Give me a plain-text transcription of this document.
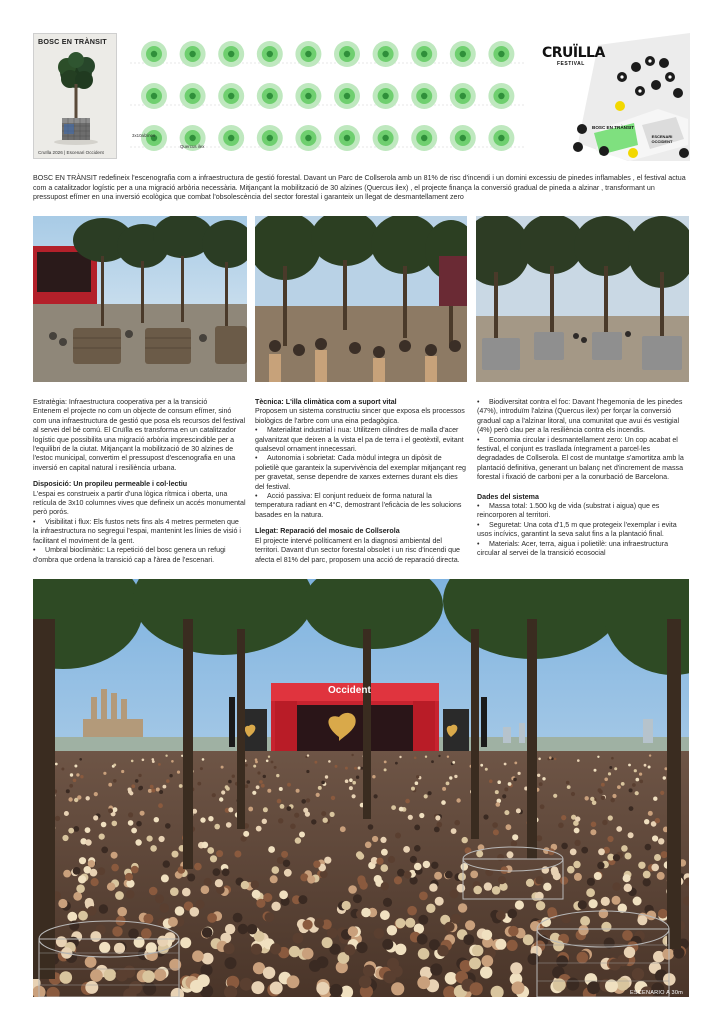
BOSC EN TRÀNSIT
Cruïlla 2026 | Escenari Occident
3x10alzines
Quercus ilex
CRUÏLLA
FESTIVAL
BOSC EN TRÀNSIT
ESCENARI
OCCIDENT
BOSC EN TRÀNSIT redefineix l'escenografia com a infraestructura de gestió forestal. Davant un Parc de Collserola amb un 81% de risc d'incendi i un domini excessiu de pinedes inflamables , el festival actua com a catalitzador logístic per a una migració arbòria necessària. Mitjançant la mobilització de 30 alzines (Quercus ilex) , el projecte finança la conversió gradual de pineda a alzinar , transformant un pressupost efímer en una inversió ecològica que combat l'obsolescència del sector forestal i garanteix un llegat de desmantellament zero

Estratègia: Infraestructura cooperativa per a la transició

Entenem el projecte no com un objecte de consum efímer, sinó com una infraestructura de gestió que posa els recursos del festival al servei del bé comú. El Cruïlla es transforma en un catalitzador logístic que possibilita una migració arbòria imprescindible per a l'equilibri de la ciutat. Mitjançant la mobilització de 30 alzines de l'estoc municipal, convertim el pressupost d'escenografia en una inversió en capital natural i resiliència urbana.

Disposició: Un propileu permeable i col·lectiu

L'espai es construeix a partir d'una lògica rítmica i oberta, una retícula de 3x10 columnes vives que defineix un accés monumental però porós.

• Visibilitat i flux: Els fustos nets fins als 4 metres permeten que la infraestructura no segregui l'espai, mantenint les línies de visió i facilitant el moviment de la gent.

• Umbral bioclimàtic: La repetició del bosc genera un refugi d'ombra que ordena la transició cap a l'àrea de l'escenari.

Tècnica: L'illa climàtica com a suport vital

Proposem un sistema constructiu sincer que exposa els processos biològics de l'arbre com una eina pedagògica.

• Materialitat industrial i nua: Utilitzem cilindres de malla d'acer galvanitzat que deixen a la vista el pa de terra i el geotèxtil, evitant qualsevol ornament innecessari.

• Autonomia i sobrietat: Cada mòdul integra un dipòsit de polietilè que garanteix la supervivència del exemplar mitjançant reg per gravetat, sense dependre de xarxes externes durant els dies del festival.

• Acció passiva: El conjunt redueix de forma natural la temperatura radiant en 4°C, demostrant l'eficàcia de les solucions basades en la natura.

Llegat: Reparació del mosaic de Collserola

El projecte intervé políticament en la diagnosi ambiental del territori. Davant d'un sector forestal obsolet i un risc d'incendi que afecta el 81% del parc, proposem una acció de reparació directa.

• Biodiversitat contra el foc: Davant l'hegemonia de les pinedes (47%), introduïm l'alzina (Quercus ilex) per forçar la conversió gradual cap a l'alzinar litoral, una comunitat que avui és vestigial (4%) però clau per a la resiliència contra els incendis.

• Economia circular i desmantellament zero: Un cop acabat el festival, el conjunt es trasllada íntegrament a parcel·les degradades de Collserola. El cost de muntatge s'amortitza amb la plantació definitiva, generant un balanç net d'increment de massa forestal i fixació de carboni per a la conurbació de Barcelona.

Dades del sistema

• Massa total: 1.500 kg de vida (substrat i aigua) que es reincorporen al territori.

• Seguretat: Una cota d'1,5 m que protegeix l'exemplar i evita usos incívics, garantint la seva salut fins a la plantació final.

• Materials: Acer, terra, aigua i polietilè: una infraestructura circular al servei de la transició ecosocial

Occident
ESCENARIO A 30m
